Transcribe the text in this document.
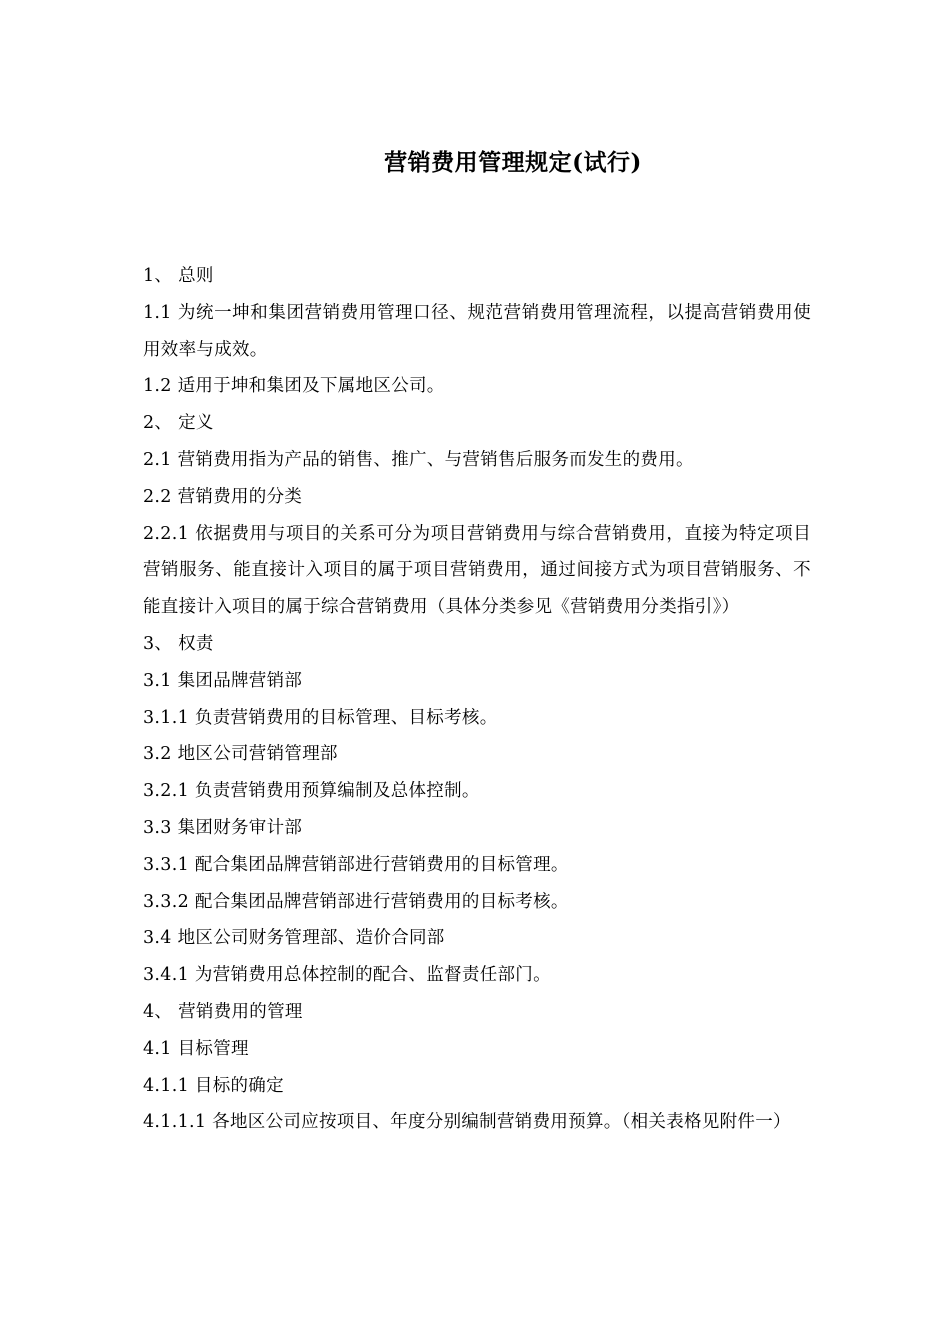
营销费用管理规定(试行)

1、 总则

1.1 为统一坤和集团营销费用管理口径、规范营销费用管理流程，以提高营销费用使用效率与成效。

1.2 适用于坤和集团及下属地区公司。

2、 定义

2.1 营销费用指为产品的销售、推广、与营销售后服务而发生的费用。

2.2 营销费用的分类

2.2.1 依据费用与项目的关系可分为项目营销费用与综合营销费用，直接为特定项目营销服务、能直接计入项目的属于项目营销费用，通过间接方式为项目营销服务、不能直接计入项目的属于综合营销费用（具体分类参见《营销费用分类指引》）

3、 权责

3.1 集团品牌营销部

3.1.1 负责营销费用的目标管理、目标考核。

3.2 地区公司营销管理部

3.2.1 负责营销费用预算编制及总体控制。

3.3 集团财务审计部

3.3.1 配合集团品牌营销部进行营销费用的目标管理。

3.3.2 配合集团品牌营销部进行营销费用的目标考核。

3.4 地区公司财务管理部、造价合同部

3.4.1 为营销费用总体控制的配合、监督责任部门。

4、 营销费用的管理

4.1 目标管理

4.1.1 目标的确定

4.1.1.1 各地区公司应按项目、年度分别编制营销费用预算。（相关表格见附件一）
